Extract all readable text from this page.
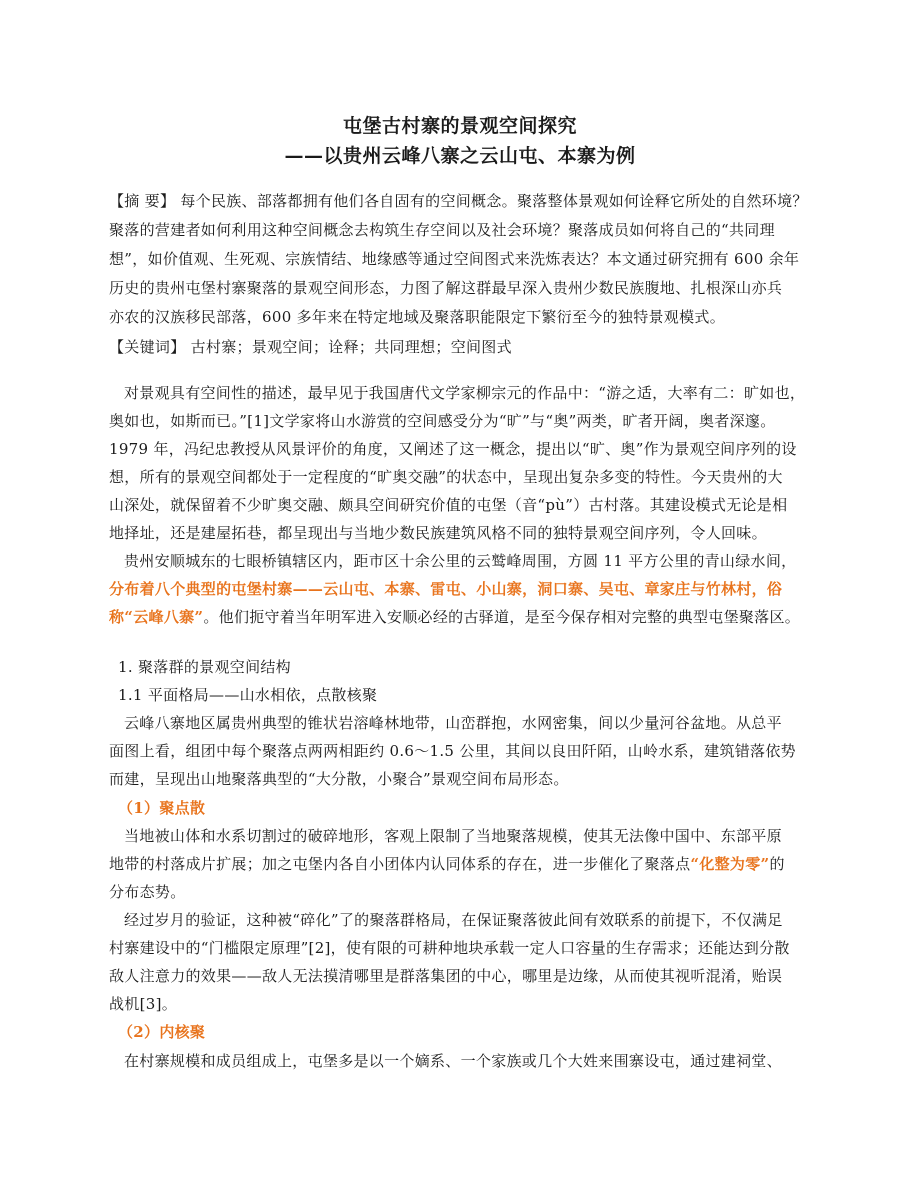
屯堡古村寨的景观空间探究
——以贵州云峰八寨之云山屯、本寨为例
【摘 要】 每个民族、部落都拥有他们各自固有的空间概念。聚落整体景观如何诠释它所处的自然环境？
聚落的营建者如何利用这种空间概念去构筑生存空间以及社会环境？聚落成员如何将自己的“共同理
想”，如价值观、生死观、宗族情结、地缘感等通过空间图式来洗炼表达？本文通过研究拥有 600 余年
历史的贵州屯堡村寨聚落的景观空间形态，力图了解这群最早深入贵州少数民族腹地、扎根深山亦兵
亦农的汉族移民部落，600 多年来在特定地域及聚落职能限定下繁衍至今的独特景观模式。
【关键词】 古村寨；景观空间；诠释；共同理想；空间图式
对景观具有空间性的描述，最早见于我国唐代文学家柳宗元的作品中：“游之适，大率有二：旷如也，
奥如也，如斯而已。”[1]文学家将山水游赏的空间感受分为“旷”与“奥”两类，旷者开阔，奥者深邃。
1979 年，冯纪忠教授从风景评价的角度，又阐述了这一概念，提出以“旷、奥”作为景观空间序列的设
想，所有的景观空间都处于一定程度的“旷奥交融”的状态中，呈现出复杂多变的特性。今天贵州的大
山深处，就保留着不少旷奥交融、颇具空间研究价值的屯堡（音“pù”）古村落。其建设模式无论是相
地择址，还是建屋拓巷，都呈现出与当地少数民族建筑风格不同的独特景观空间序列，令人回味。
贵州安顺城东的七眼桥镇辖区内，距市区十余公里的云鹫峰周围，方圆 11 平方公里的青山绿水间，
分布着八个典型的屯堡村寨——云山屯、本寨、雷屯、小山寨，洞口寨、吴屯、章家庄与竹林村，俗
称“云峰八寨”。他们扼守着当年明军进入安顺必经的古驿道，是至今保存相对完整的典型屯堡聚落区。
1. 聚落群的景观空间结构
1.1 平面格局——山水相依，点散核聚
云峰八寨地区属贵州典型的锥状岩溶峰林地带，山峦群抱，水网密集，间以少量河谷盆地。从总平
面图上看，组团中每个聚落点两两相距约 0.6～1.5 公里，其间以良田阡陌，山岭水系，建筑错落依势
而建，呈现出山地聚落典型的“大分散，小聚合”景观空间布局形态。
（1）聚点散
当地被山体和水系切割过的破碎地形，客观上限制了当地聚落规模，使其无法像中国中、东部平原
地带的村落成片扩展；加之屯堡内各自小团体内认同体系的存在，进一步催化了聚落点“化整为零”的
分布态势。
经过岁月的验证，这种被“碎化”了的聚落群格局，在保证聚落彼此间有效联系的前提下，不仅满足
村寨建设中的“门槛限定原理”[2]，使有限的可耕种地块承载一定人口容量的生存需求；还能达到分散
敌人注意力的效果——敌人无法摸清哪里是群落集团的中心，哪里是边缘，从而使其视听混淆，贻误
战机[3]。
（2）内核聚
在村寨规模和成员组成上，屯堡多是以一个嫡系、一个家族或几个大姓来围寨设屯，通过建祠堂、
